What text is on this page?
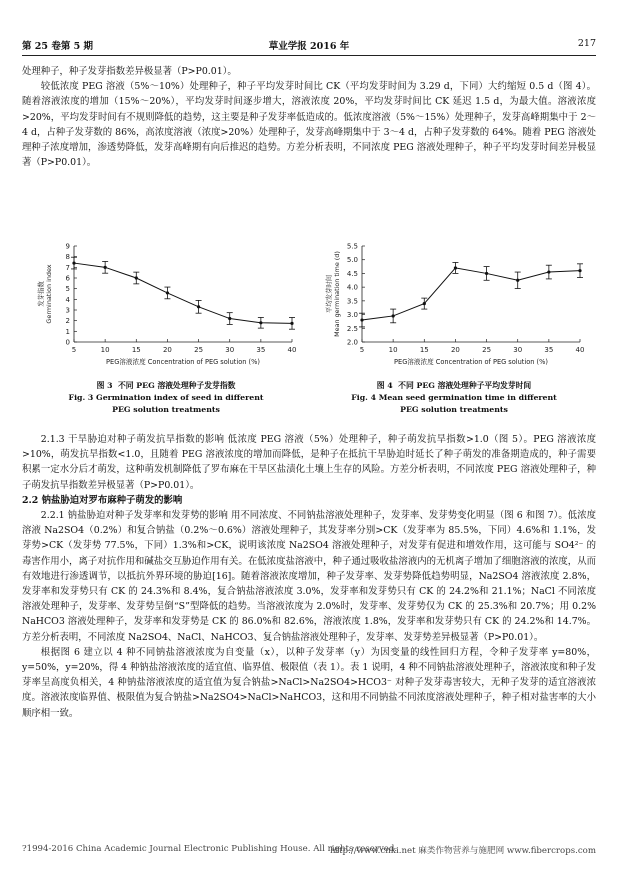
第 25 卷第 5 期	草业学报 2016 年	217

处理种子，种子发芽指数差异极显著（P>P0.01）。

较低浓度 PEG 溶液（5%～10%）处理种子，种子平均发芽时间比 CK（平均发芽时间为 3.29 d，下同）大约缩短 0.5 d（图 4）。随着溶液浓度的增加（15%～20%），平均发芽时间逐步增大，溶液浓度 20%，平均发芽时间比 CK 延迟 1.5 d，为最大值。溶液浓度>20%，平均发芽时间有不规则降低的趋势，这主要是种子发芽率低造成的。低浓度溶液（5%～15%）处理种子，发芽高峰期集中于 2～4 d，占种子发芽数的 86%，高浓度溶液（浓度>20%）处理种子，发芽高峰期集中于 3～4 d，占种子发芽数的 64%。随着 PEG 溶液处理种子浓度增加，渗透势降低，发芽高峰期有向后推迟的趋势。方差分析表明，不同浓度 PEG 溶液处理种子，种子平均发芽时间差异极显著（P>P0.01）。

0
1
2
3
4
5
6
7
8
9
5	10	15	20	25	30	35	40
PEG溶液浓度 Concentration of PEG solution (%)
发芽指数 Germination index
图 3 不同 PEG 溶液处理种子发芽指数
Fig. 3 Germination index of seed in different
PEG solution treatments
2.0
2.5
3.0
3.5
4.0
4.5
5.0
5.5
5	10	15	20	25	30	35	40
PEG溶液浓度 Concentration of PEG solution (%)
平均发芽时间 Mean germination time (d)
图 4 不同 PEG 溶液处理种子平均发芽时间
Fig. 4 Mean seed germination time in different
PEG solution treatments

2.1.3 干旱胁迫对种子萌发抗旱指数的影响 低浓度 PEG 溶液（5%）处理种子，种子萌发抗旱指数>1.0（图 5）。PEG 溶液浓度>10%，萌发抗旱指数<1.0，且随着 PEG 溶液浓度的增加而降低，是种子在抵抗干旱胁迫时延长了种子萌发的准备期造成的，种子需要积累一定水分后才萌发，这种萌发机制降低了罗布麻在干旱区盐渍化土壤上生存的风险。方差分析表明，不同浓度 PEG 溶液处理种子，种子萌发抗旱指数差异极显著（P>P0.01）。

2.2 钠盐胁迫对罗布麻种子萌发的影响

2.2.1 钠盐胁迫对种子发芽率和发芽势的影响 用不同浓度、不同钠盐溶液处理种子，发芽率、发芽势变化明显（图 6 和图 7）。低浓度溶液 Na2SO4（0.2%）和复合钠盐（0.2%～0.6%）溶液处理种子，其发芽率分别>CK（发芽率为 85.5%，下同）4.6%和 1.1%，发芽势>CK（发芽势 77.5%，下同）1.3%和>CK，说明该浓度 Na2SO4 溶液处理种子，对发芽有促进和增效作用，这可能与 SO4²⁻ 的毒害作用小，离子对抗作用和碱盐交互胁迫作用有关。在低浓度盐溶液中，种子通过吸收盐溶液内的无机离子增加了细胞溶液的浓度，从而有效地进行渗透调节，以抵抗外界环境的胁迫[16]。随着溶液浓度增加，种子发芽率、发芽势降低趋势明显，Na2SO4 溶液浓度 2.8%，发芽率和发芽势只有 CK 的 24.3%和 8.4%，复合钠盐溶液浓度 3.0%，发芽率和发芽势只有 CK 的 24.2%和 21.1%；NaCl 不同浓度溶液处理种子，发芽率、发芽势呈倒“S”型降低的趋势。当溶液浓度为 2.0%时，发芽率、发芽势仅为 CK 的 25.3%和 20.7%；用 0.2% NaHCO3 溶液处理种子，发芽率和发芽势是 CK 的 86.0%和 82.6%，溶液浓度 1.8%，发芽率和发芽势只有 CK 的 24.2%和 14.7%。方差分析表明，不同浓度 Na2SO4、NaCl、NaHCO3、复合钠盐溶液处理种子，发芽率、发芽势差异极显著（P>P0.01）。

根据图 6 建立以 4 种不同钠盐溶液浓度为自变量（x），以种子发芽率（y）为因变量的线性回归方程，令种子发芽率 y=80%，y=50%，y=20%，得 4 种钠盐溶液浓度的适宜值、临界值、极限值（表 1）。表 1 说明，4 种不同钠盐溶液处理种子，溶液浓度和种子发芽率呈高度负相关，4 种钠盐溶液浓度的适宜值为复合钠盐>NaCl>Na2SO4>HCO3⁻ 对种子发芽毒害较大，无种子发芽的适宜溶液浓度。溶液浓度临界值、极限值为复合钠盐>Na2SO4>NaCl>NaHCO3，这和用不同钠盐不同浓度溶液处理种子，种子相对盐害率的大小顺序相一致。

?1994-2016 China Academic Journal Electronic Publishing House. All rights reserved.
http://www.cnki.net 麻类作物营养与施肥网 www.fibercrops.com
